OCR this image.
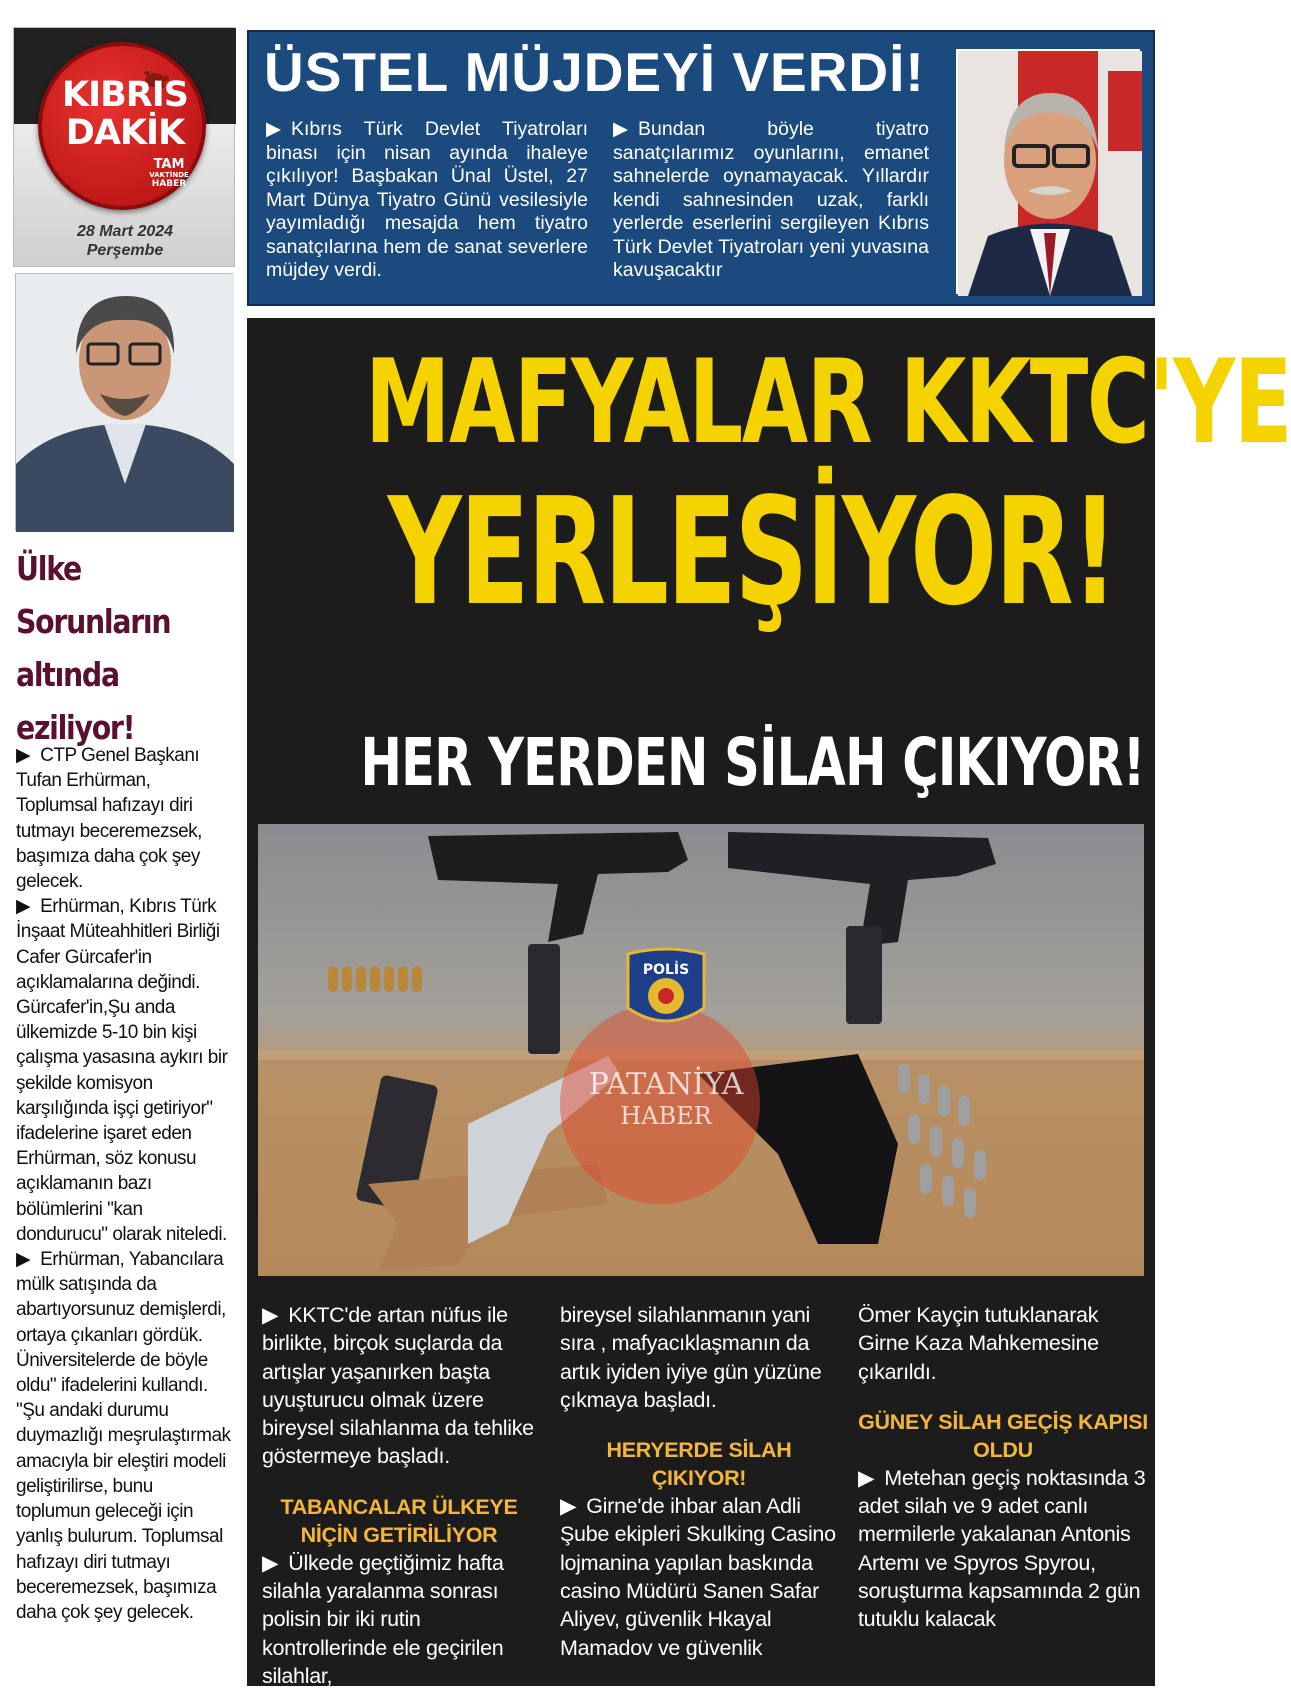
KIBRIS
DAKİK
TAM
VAKTİNDE
HABER
28 Mart 2024
Perşembe
ÜSTEL MÜJDEYİ VERDİ!
▶ Kıbrıs Türk Devlet Tiyatroları binası için nisan ayında ihaleye çıkılıyor! Başbakan Ünal Üstel, 27 Mart Dünya Tiyatro Günü vesilesiyle yayımladığı mesajda hem tiyatro sanatçılarına hem de sanat severlere müjdey verdi.
▶ Bundan böyle tiyatro sanatçılarımız oyunlarını, emanet sahnelerde oynamayacak. Yıllardır kendi sahnesinden uzak, farklı yerlerde eserlerini sergileyen Kıbrıs Türk Devlet Tiyatroları yeni yuvasına kavuşacaktır
Ülke
Sorunların
altında
eziliyor!

▶ CTP Genel Başkanı Tufan Erhürman, Toplumsal hafızayı diri tutmayı beceremezsek, başımıza daha çok şey gelecek.

▶ Erhürman, Kıbrıs Türk İnşaat Müteahhitleri Birliği Cafer Gürcafer'in açıklamalarına değindi. Gürcafer'in,Şu anda ülkemizde 5-10 bin kişi çalışma yasasına aykırı bir şekilde komisyon karşılığında işçi getiriyor" ifadelerine işaret eden Erhürman, söz konusu açıklamanın bazı bölümlerini "kan dondurucu" olarak niteledi.

▶ Erhürman, Yabancılara mülk satışında da abartıyorsunuz demişlerdi, ortaya çıkanları gördük. Üniversitelerde de böyle oldu" ifadelerini kullandı. "Şu andaki durumu duymazlığı meşrulaştırmak amacıyla bir eleştiri modeli geliştirilirse, bunu toplumun geleceği için yanlış bulurum. Toplumsal hafızayı diri tutmayı beceremezsek, başımıza daha çok şey gelecek.

MAFYALAR KKTC'YE
YERLEŞİYOR!
HER YERDEN SİLAH ÇIKIYOR!
POLİS
PATANİYA
HABER

▶ KKTC'de artan nüfus ile birlikte, birçok suçlarda da artışlar yaşanırken başta uyuşturucu olmak üzere bireysel silahlanma da tehlike göstermeye başladı.

TABANCALAR ÜLKEYE NİÇİN GETİRİLİYOR

▶ Ülkede geçtiğimiz hafta silahla yaralanma sonrası polisin bir iki rutin kontrollerinde ele geçirilen silahlar,

bireysel silahlanmanın yani sıra , mafyacıklaşmanın da artık iyiden iyiye gün yüzüne çıkmaya başladı.

HERYERDE SİLAH ÇIKIYOR!

▶ Girne'de ihbar alan Adli Şube ekipleri Skulking Casino lojmanina yapılan baskında casino Müdürü Sanen Safar Aliyev, güvenlik Hkayal Mamadov ve güvenlik

Ömer Kayçin tutuklanarak Girne Kaza Mahkemesine çıkarıldı.

GÜNEY SİLAH GEÇİŞ KAPISI OLDU

▶ Metehan geçiş noktasında 3 adet silah ve 9 adet canlı mermilerle yakalanan Antonis Artemı ve Spyros Spyrou, soruşturma kapsamında 2 gün tutuklu kalacak
